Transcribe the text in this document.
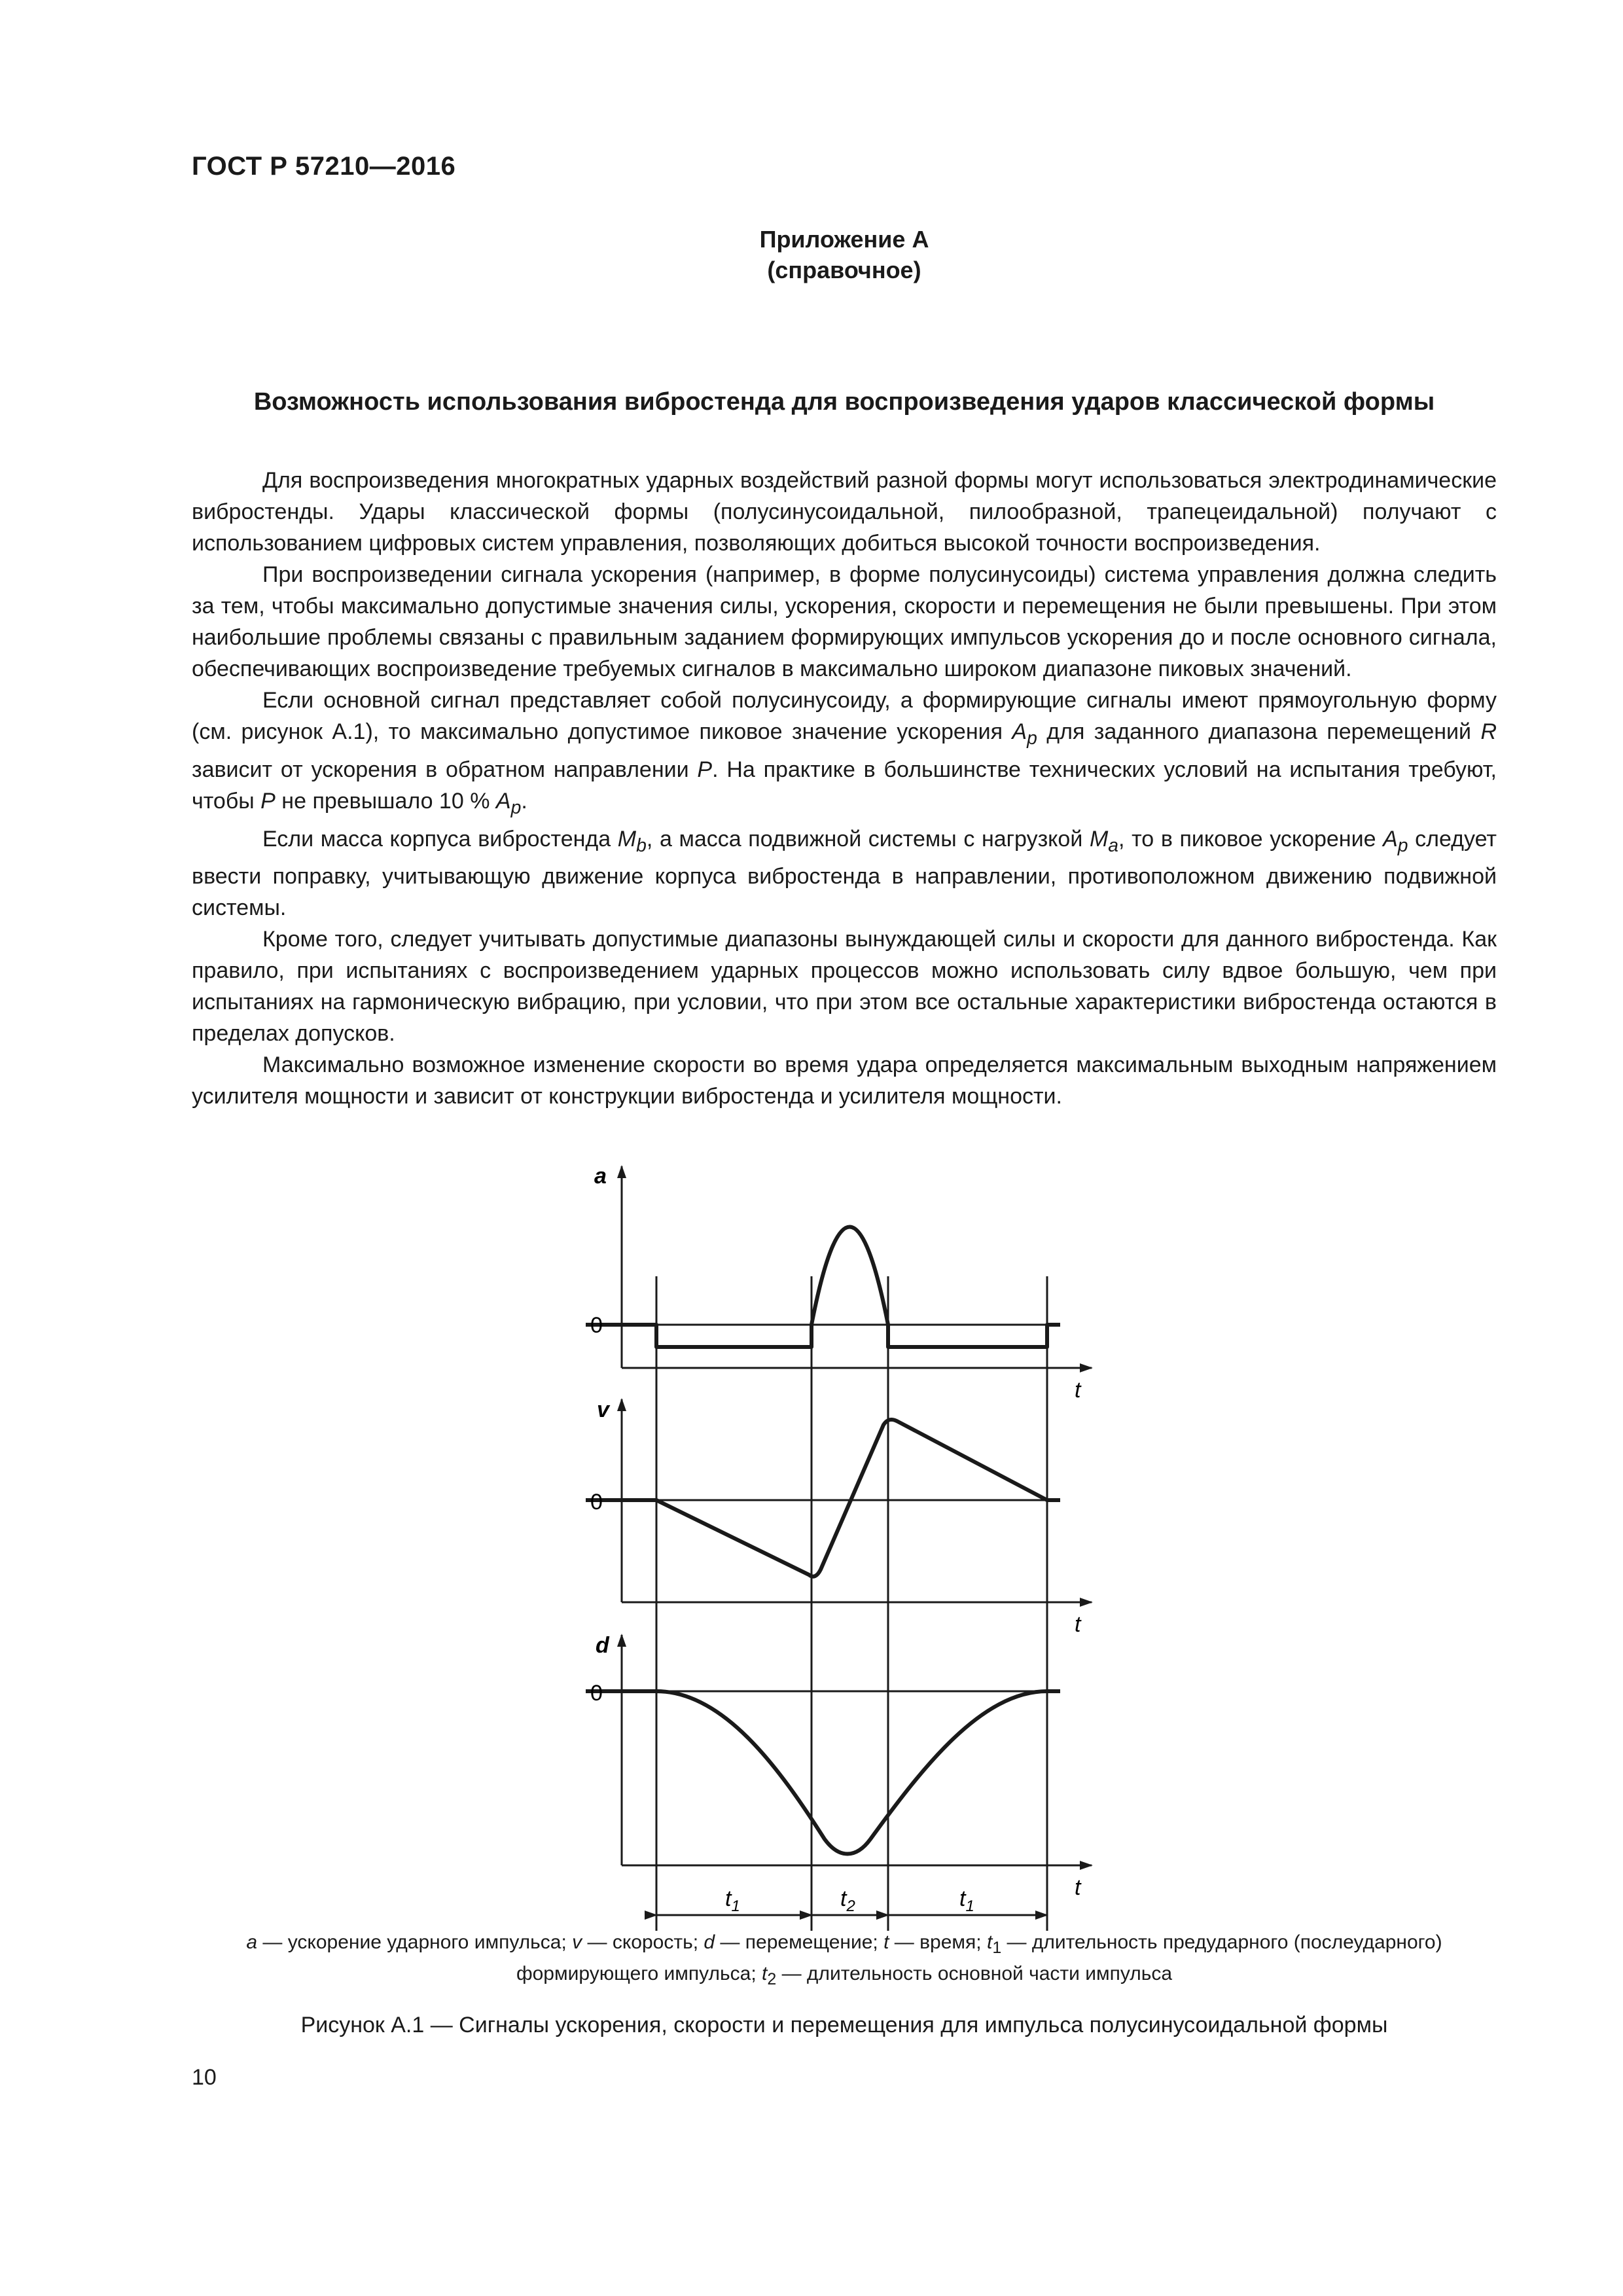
ГОСТ Р 57210—2016
Приложение А
(справочное)
Возможность использования вибростенда для воспроизведения ударов классической формы

Для воспроизведения многократных ударных воздействий разной формы могут использоваться электродинамические вибростенды. Удары классической формы (полусинусоидальной, пилообразной, трапецеидальной) получают с использованием цифровых систем управления, позволяющих добиться высокой точности воспроизведения.

При воспроизведении сигнала ускорения (например, в форме полусинусоиды) система управления должна следить за тем, чтобы максимально допустимые значения силы, ускорения, скорости и перемещения не были превышены. При этом наибольшие проблемы связаны с правильным заданием формирующих импульсов ускорения до и после основного сигнала, обеспечивающих воспроизведение требуемых сигналов в максимально широком диапазоне пиковых значений.

Если основной сигнал представляет собой полусинусоиду, а формирующие сигналы имеют прямоугольную форму (см. рисунок А.1), то максимально допустимое пиковое значение ускорения $A_p$ для заданного диапазона перемещений R зависит от ускорения в обратном направлении P. На практике в большинстве технических условий на испытания требуют, чтобы P не превышало 10 % $A_p$.

Если масса корпуса вибростенда $M_b$, а масса подвижной системы с нагрузкой $M_a$, то в пиковое ускорение $A_p$ следует ввести поправку, учитывающую движение корпуса вибростенда в направлении, противоположном движению подвижной системы.

Кроме того, следует учитывать допустимые диапазоны вынуждающей силы и скорости для данного вибростенда. Как правило, при испытаниях с воспроизведением ударных процессов можно использовать силу вдвое большую, чем при испытаниях на гармоническую вибрацию, при условии, что при этом все остальные характеристики вибростенда остаются в пределах допусков.

Максимально возможное изменение скорости во время удара определяется максимальным выходным напряжением усилителя мощности и зависит от конструкции вибростенда и усилителя мощности.

a
0
t
v
0
t
d
0
t
$t_1$	$t_2$	$t_1$
a — ускорение ударного импульса; v — скорость; d — перемещение; t — время; $t_1$ — длительность предударного (послеударного) формирующего импульса; $t_2$ — длительность основной части импульса
Рисунок А.1 — Сигналы ускорения, скорости и перемещения для импульса полусинусоидальной формы
10
